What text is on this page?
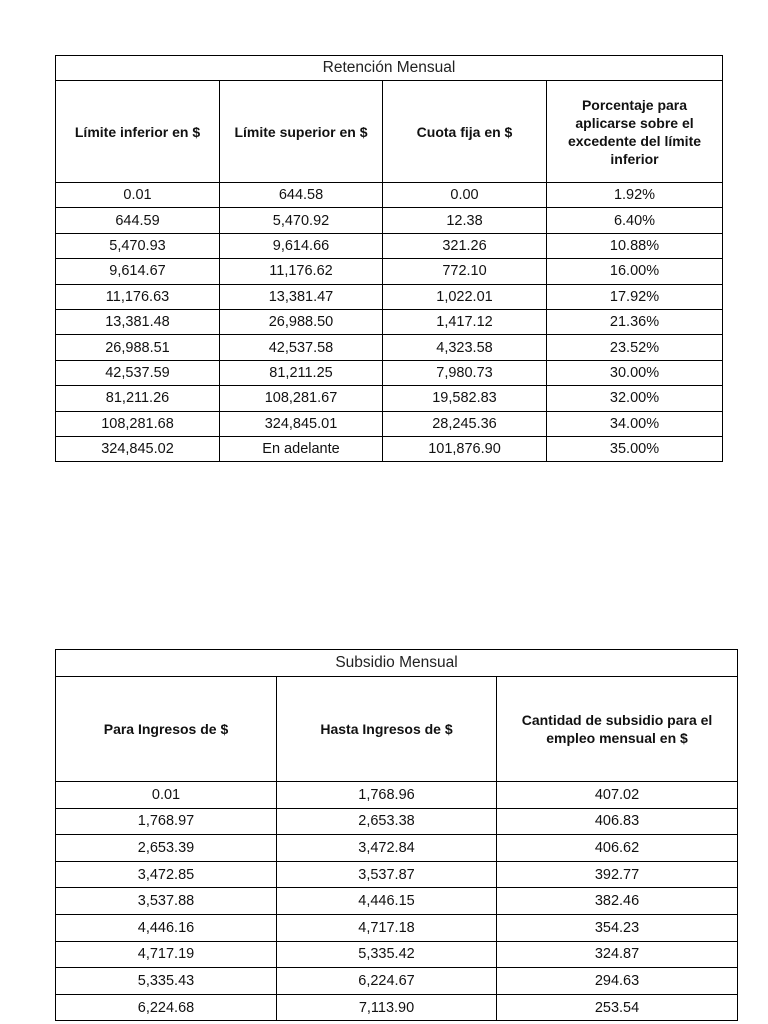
Retención Mensual			
Límite inferior en $	Límite superior en $	Cuota fija en $	Porcentaje para aplicarse sobre el excedente del límite inferior
0.01	644.58	0.00	1.92%
644.59	5,470.92	12.38	6.40%
5,470.93	9,614.66	321.26	10.88%
9,614.67	11,176.62	772.10	16.00%
11,176.63	13,381.47	1,022.01	17.92%
13,381.48	26,988.50	1,417.12	21.36%
26,988.51	42,537.58	4,323.58	23.52%
42,537.59	81,211.25	7,980.73	30.00%
81,211.26	108,281.67	19,582.83	32.00%
108,281.68	324,845.01	28,245.36	34.00%
324,845.02	En adelante	101,876.90	35.00%
Subsidio Mensual		
Para Ingresos de $	Hasta Ingresos de $	Cantidad de subsidio para el empleo mensual en $
0.01	1,768.96	407.02
1,768.97	2,653.38	406.83
2,653.39	3,472.84	406.62
3,472.85	3,537.87	392.77
3,537.88	4,446.15	382.46
4,446.16	4,717.18	354.23
4,717.19	5,335.42	324.87
5,335.43	6,224.67	294.63
6,224.68	7,113.90	253.54
